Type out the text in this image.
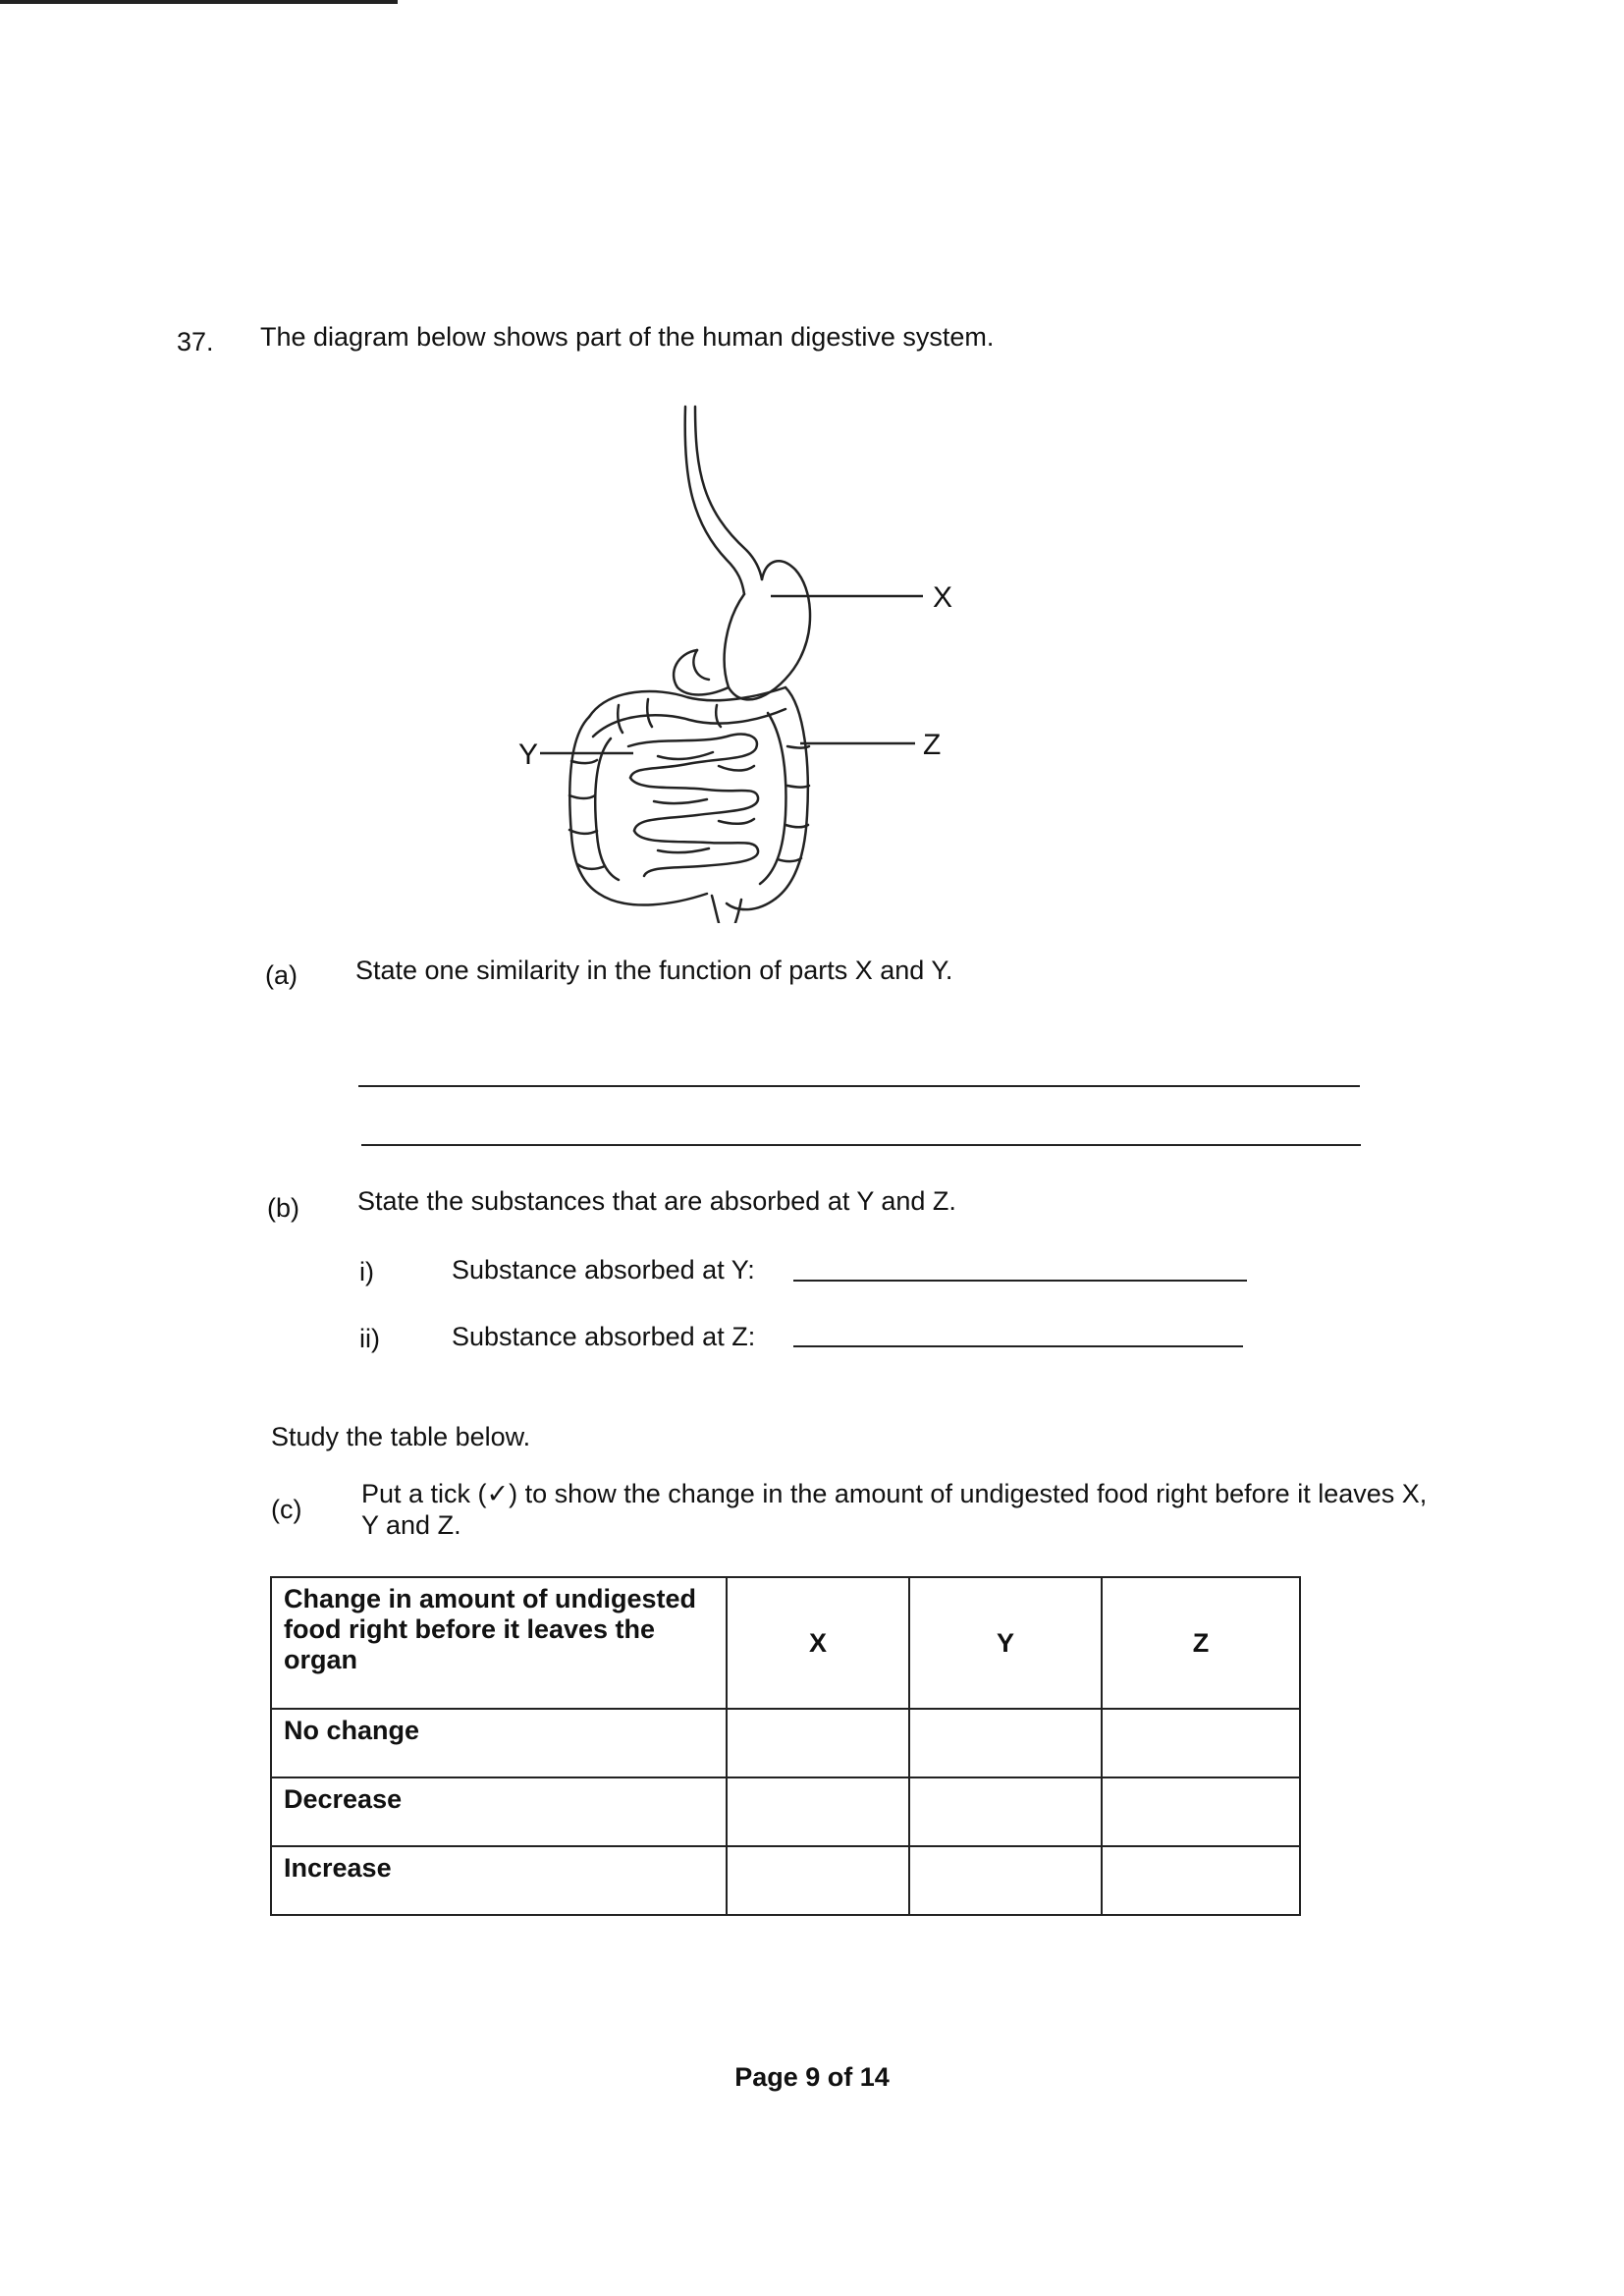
37. The diagram below shows part of the human digestive system.
X
Y	Z
(a) State one similarity in the function of parts X and Y.
(b) State the substances that are absorbed at Y and Z.
i)	Substance absorbed at Y:
ii)	Substance absorbed at Z:
Study the table below.
(c)
Put a tick (✓) to show the change in the amount of undigested food right before it leaves X, Y and Z.
Change in amount of undigested food right before it leaves the organ	X	Y	Z
No change			
Decrease			
Increase			
Page 9 of 14
